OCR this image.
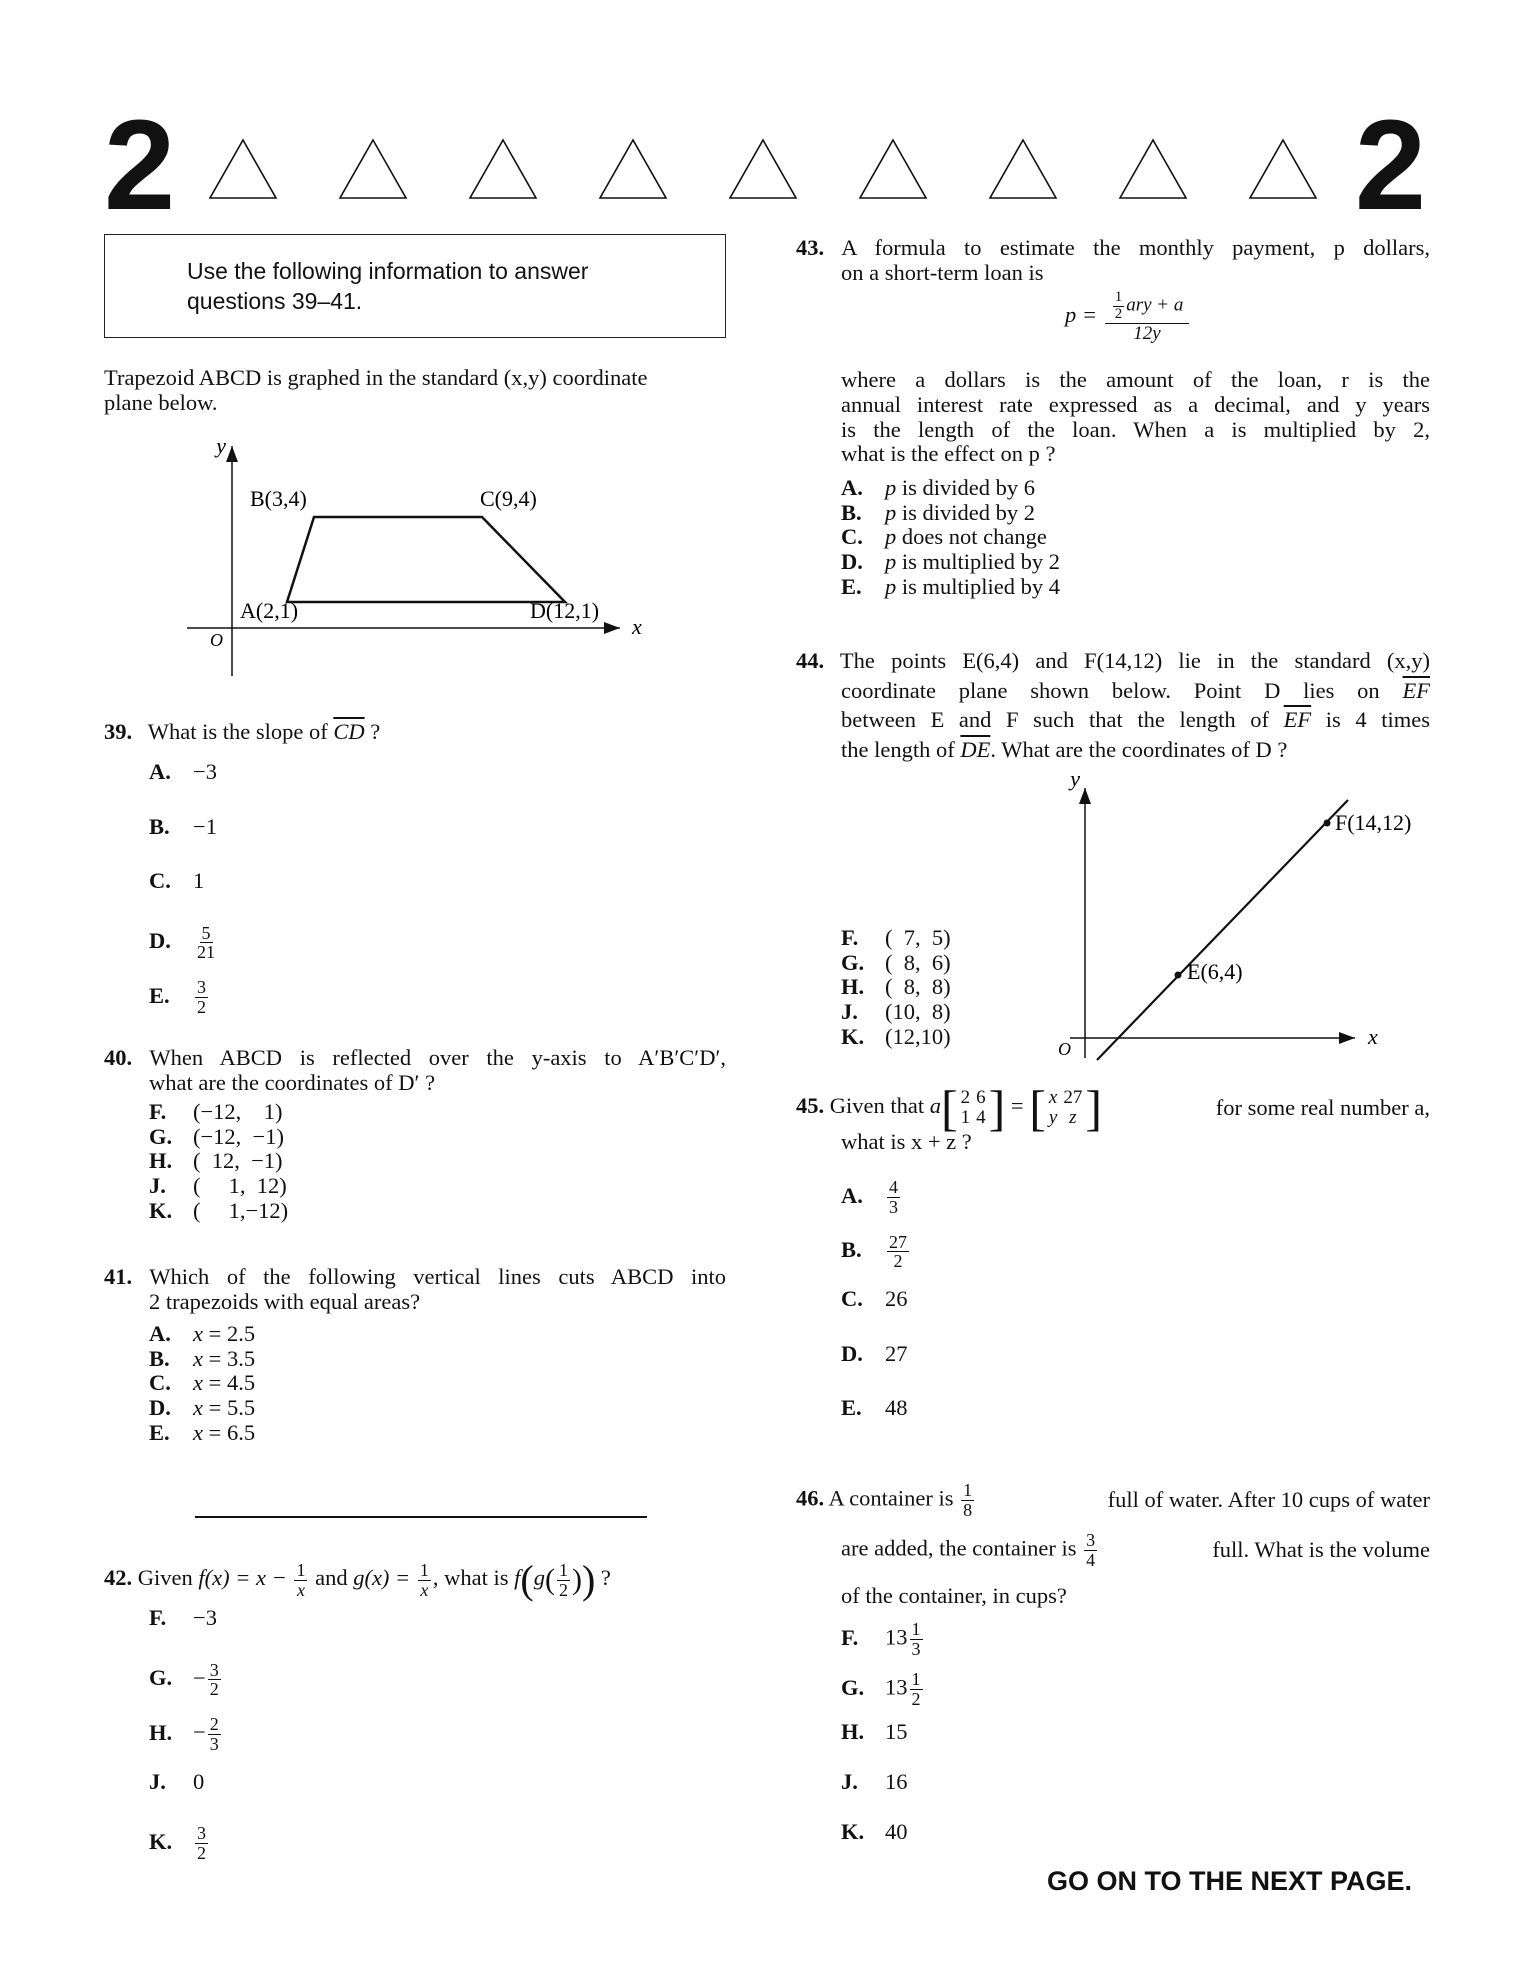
2	2
Use the following information to answer
questions 39–41.
Trapezoid ABCD is graphed in the standard (x,y) coordinate
plane below.
y
x
O
A(2,1)
B(3,4)	C(9,4)
D(12,1)
39. What is the slope of $\overline{CD}$ ?
A. −3
B. −1
C. 1
D. $\frac{5}{21}$
E. $\frac{3}{2}$
40. When ABCD is reflected over the y-axis to A′B′C′D′,
what are the coordinates of D′ ?
F. (−12,    1)
G. (−12,  −1)
H. (  12,  −1)
J. (     1,  12)
K. (     1,−12)
41. Which of the following vertical lines cuts ABCD into
2 trapezoids with equal areas?
A. x = 2.5
B. x = 3.5
C. x = 4.5
D. x = 5.5
E. x = 6.5
42. Given $f(x) = x - \frac{1}{x}$ and $g(x) = \frac{1}{x}$ , what is $f(g( \frac{1}{2}$ )) ?
F. −3
G. − $\frac{3}{2}$
H. − $\frac{2}{3}$
J. 0
K. $\frac{3}{2}$
43. A formula to estimate the monthly payment, p dollars,
on a short-term loan is
$p = \frac{\frac{1}{2} ary + a}{12y}$
where a dollars is the amount of the loan, r is the
annual interest rate expressed as a decimal, and y years
is the length of the loan. When a is multiplied by 2,
what is the effect on p ?
A. p is divided by 6
B. p is divided by 2
C. p does not change
D. p is multiplied by 2
E. p is multiplied by 4
44. The points E(6,4) and F(14,12) lie in the standard (x,y)
coordinate plane shown below. Point D lies on $\overline{EF}$
between E and F such that the length of $\overline{EF}$ is 4 times
the length of $\overline{DE}$. What are the coordinates of D ?
y
x
O
E(6,4)
F(14,12)
F. (  7,  5)
G. (  8,  6)
H. (  8,  8)
J. (10,  8)
K. (12,10)
45. Given that a [ 2	6
1	4 ] = [ x	27
y	z ]	for some real number a,
what is x + z ?
A. $\frac{4}{3}$
B. $\frac{27}{2}$
C. 26
D. 27
E. 48
46. A container is $\frac{1}{8}$	full of water. After 10 cups of water
are added, the container is $\frac{3}{4}$	full. What is the volume
of the container, in cups?
F. $13 \frac{1}{3}$
G. $13 \frac{1}{2}$
H. 15
J. 16
K. 40
GO ON TO THE NEXT PAGE.
